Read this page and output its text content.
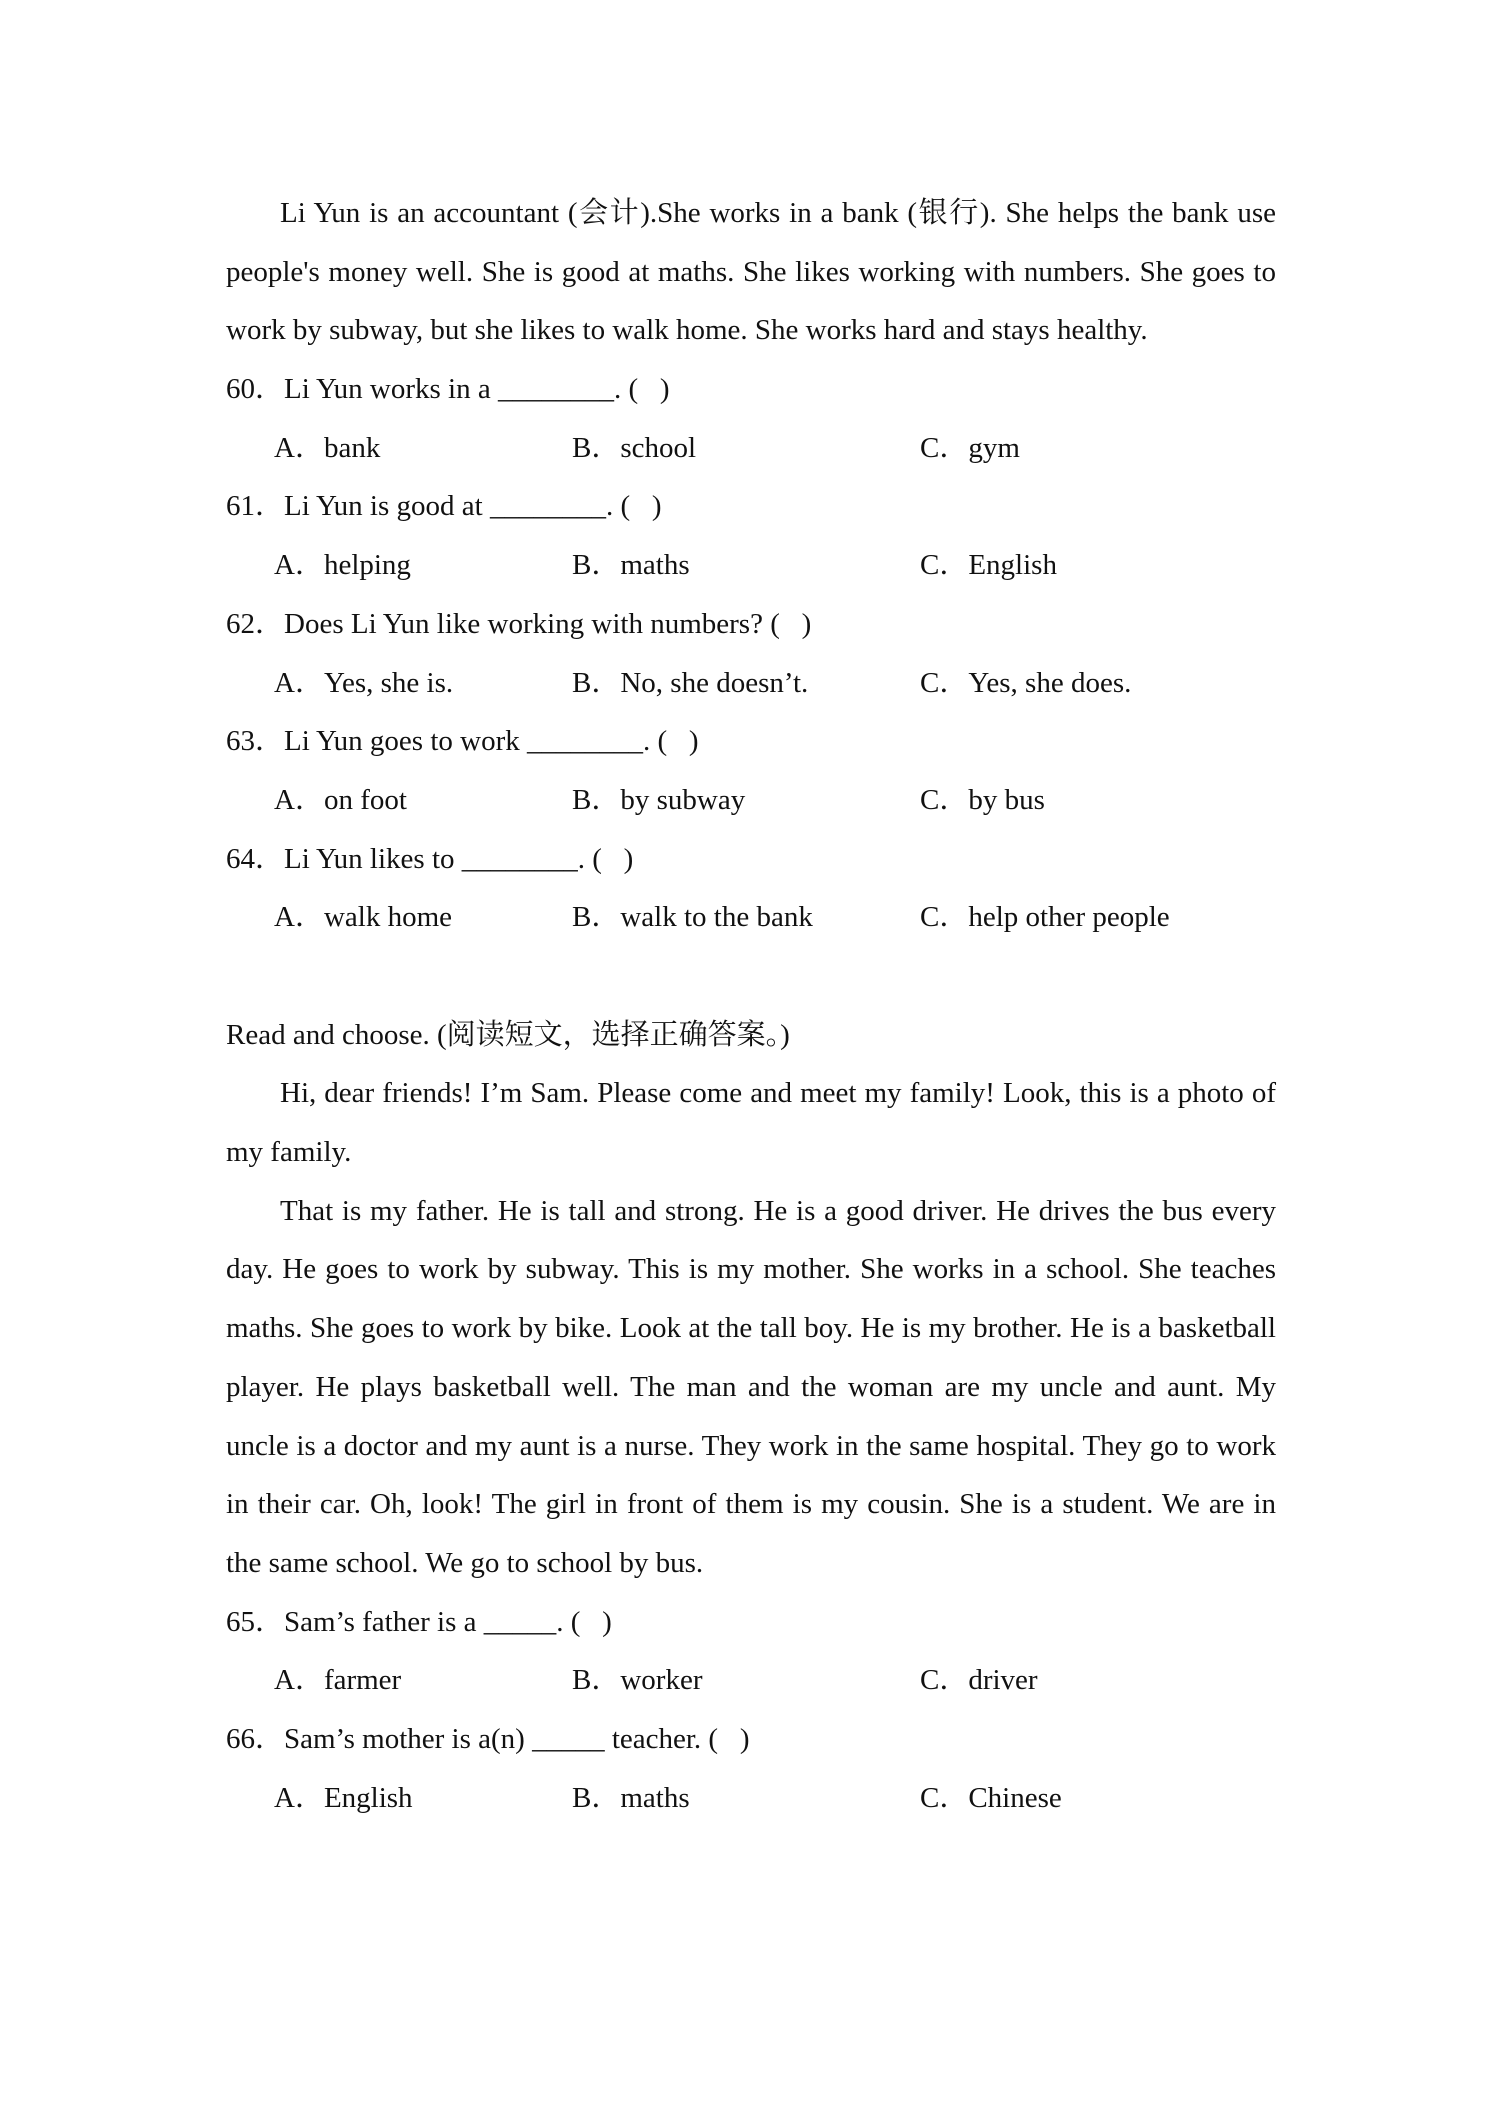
Li Yun is an accountant (会计).She works in a bank (银行). She helps the bank use people's money well. She is good at maths. She likes working with numbers. She goes to work by subway, but she likes to walk home. She works hard and stays healthy.

60．Li Yun works in a ________. (   )

A．bank

	B．school

	C．gym

61．Li Yun is good at ________. (   )

A．helping

	B．maths

	C．English

62．Does Li Yun like working with numbers? (   )

A．Yes, she is.

	B．No, she doesn’t.

	C．Yes, she does.

63．Li Yun goes to work ________. (   )

A．on foot

	B．by subway

	C．by bus

64．Li Yun likes to ________. (   )

A．walk home

	B．walk to the bank

	C．help other people

Read and choose. (阅读短文，选择正确答案。)

Hi, dear friends! I’m Sam. Please come and meet my family! Look, this is a photo of my family.

That is my father. He is tall and strong. He is a good driver. He drives the bus every day. He goes to work by subway. This is my mother. She works in a school. She teaches maths. She goes to work by bike. Look at the tall boy. He is my brother. He is a basketball player. He plays basketball well. The man and the woman are my uncle and aunt. My uncle is a doctor and my aunt is a nurse. They work in the same hospital. They go to work in their car. Oh, look! The girl in front of them is my cousin. She is a student. We are in the same school. We go to school by bus.

65．Sam’s father is a _____. (   )

A．farmer

	B．worker

	C．driver

66．Sam’s mother is a(n) _____ teacher. (   )

A．English

	B．maths

	C．Chinese
